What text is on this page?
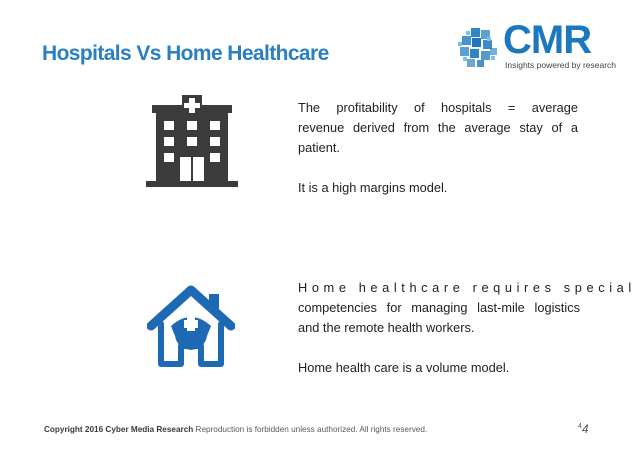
Hospitals Vs Home Healthcare	CMR
Insights powered by research
The profitability of hospitals = average
revenue derived from the average stay of a
patient.
It is a high margins model.
Home healthcare requires special
competencies for managing last-mile logistics
and the remote health workers.
Home health care is a volume model.
Copyright 2016 Cyber Media Research Reproduction is forbidden unless authorized. All rights reserved.	$^4$4
